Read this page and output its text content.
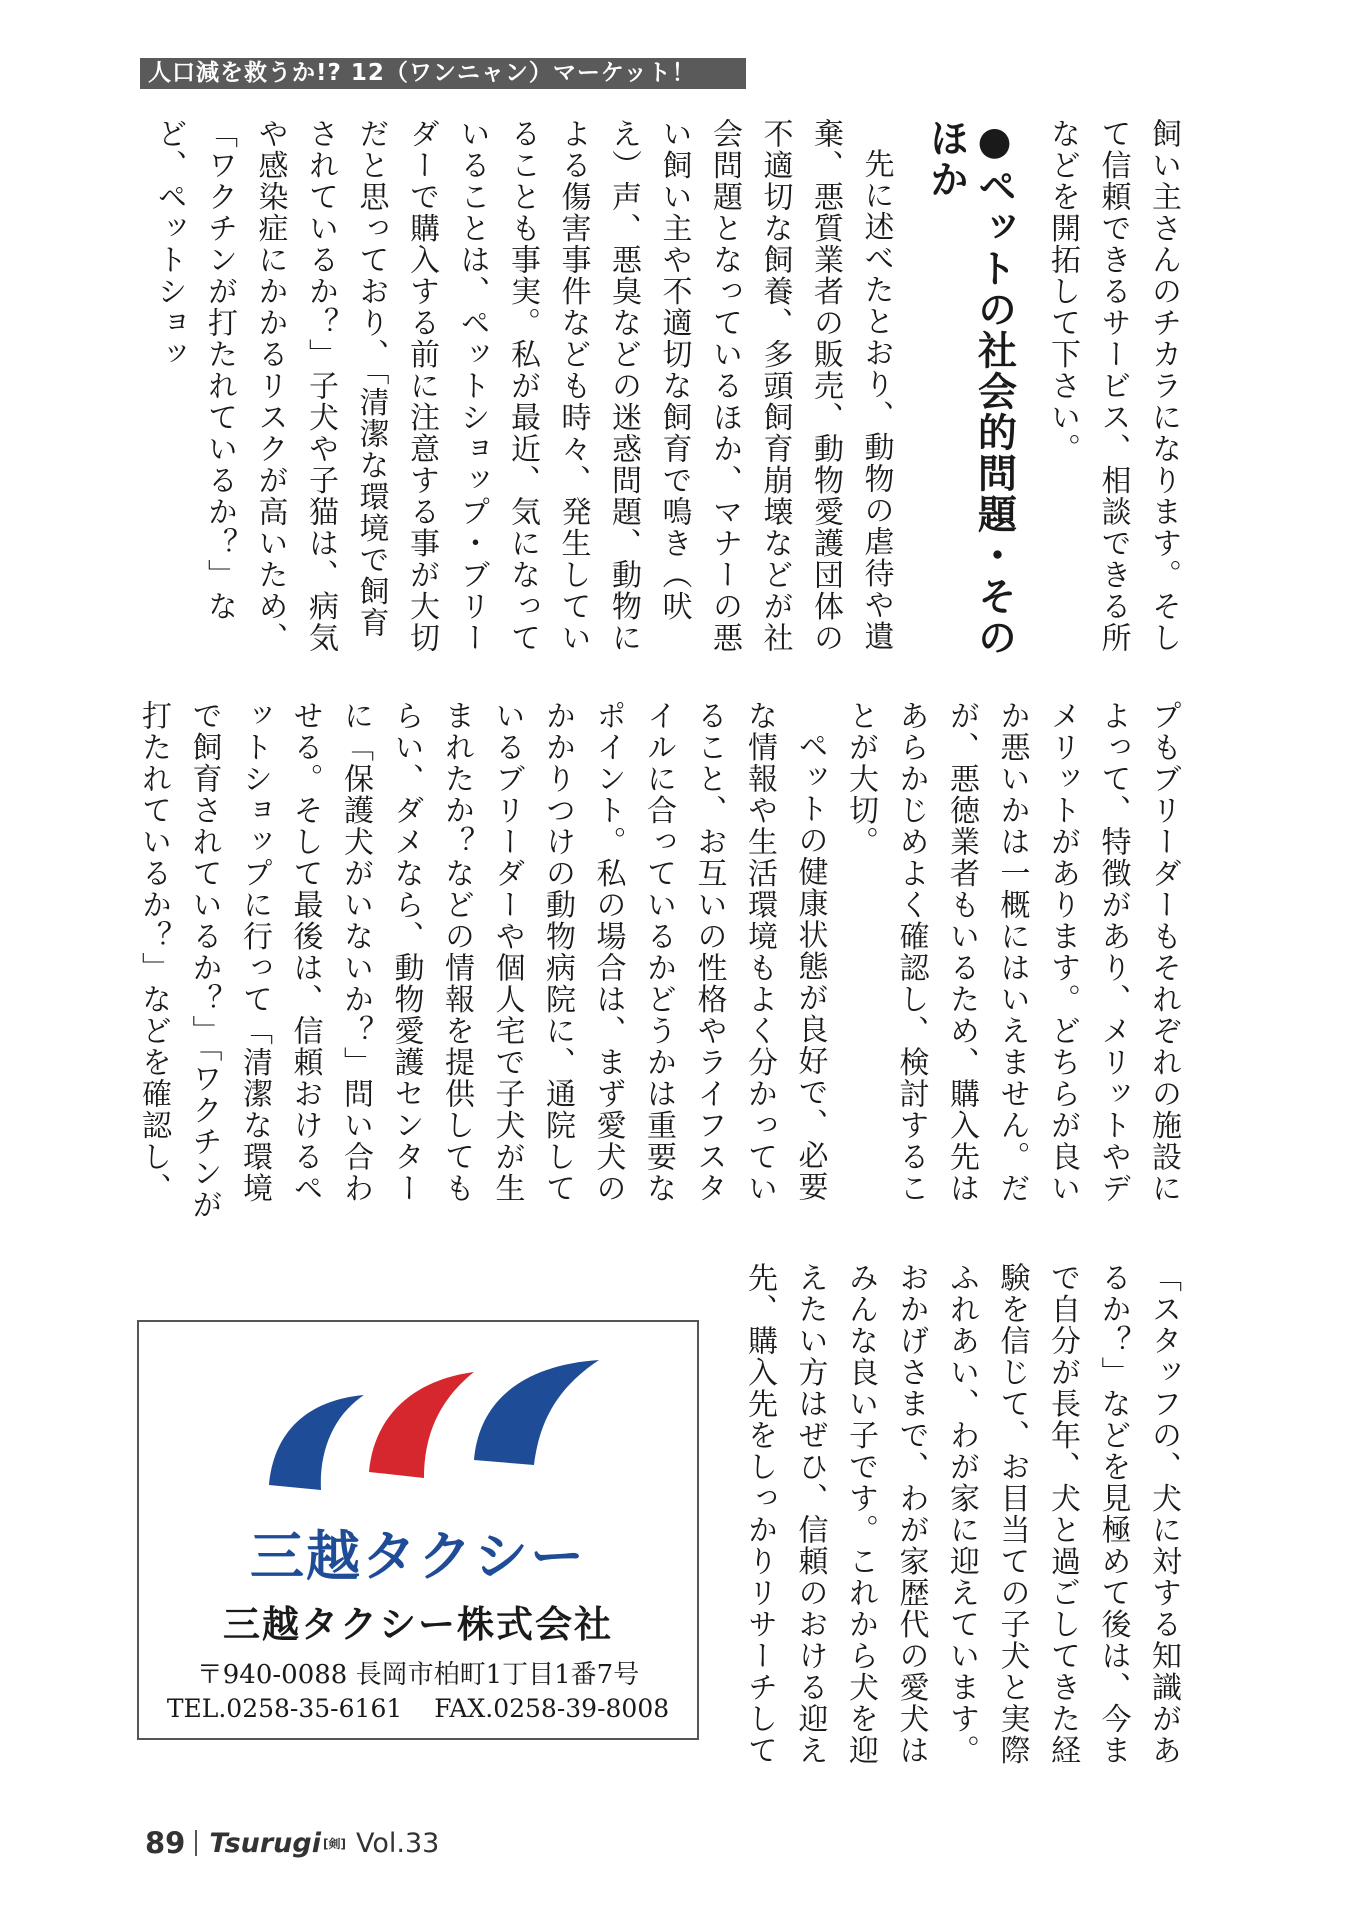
人口減を救うか!? 12（ワンニャン）マーケット！

飼い主さんのチカラになります。そして信頼できるサービス、相談できる所などを開拓して下さい。

●ペットの社会的問題・そのほか

先に述べたとおり、動物の虐待や遺棄、悪質業者の販売、動物愛護団体の不適切な飼養、多頭飼育崩壊などが社会問題となっているほか、マナーの悪い飼い主や不適切な飼育で鳴き（吠え）声、悪臭などの迷惑問題、動物による傷害事件なども時々、発生していることも事実。私が最近、気になっていることは、ペットショップ・ブリーダーで購入する前に注意する事が大切だと思っており、「清潔な環境で飼育されているか？」子犬や子猫は、病気や感染症にかかるリスクが高いため、「ワクチンが打たれているか？」など、ペットショッ

プもブリーダーもそれぞれの施設によって、特徴があり、メリットやデメリットがあります。どちらが良いか悪いかは一概にはいえません。だが、悪徳業者もいるため、購入先はあらかじめよく確認し、検討することが大切。

ペットの健康状態が良好で、必要な情報や生活環境もよく分かっていること、お互いの性格やライフスタイルに合っているかどうかは重要なポイント。私の場合は、まず愛犬のかかりつけの動物病院に、通院しているブリーダーや個人宅で子犬が生まれたか？などの情報を提供してもらい、ダメなら、動物愛護センターに「保護犬がいないか？」問い合わせる。そして最後は、信頼おけるペットショップに行って「清潔な環境で飼育されているか？」「ワクチンが打たれているか？」などを確認し、

「スタッフの、犬に対する知識があるか？」などを見極めて後は、今まで自分が長年、犬と過ごしてきた経験を信じて、お目当ての子犬と実際ふれあい、わが家に迎えています。おかげさまで、わが家歴代の愛犬はみんな良い子です。これから犬を迎えたい方はぜひ、信頼のおける迎え先、購入先をしっかりリサーチして

三越タクシー
三越タクシー株式会社
〒940-0088 長岡市柏町1丁目1番7号
TEL.0258-35-6161 FAX.0258-39-8008
89 Tsurugi [剣] Vol.33
